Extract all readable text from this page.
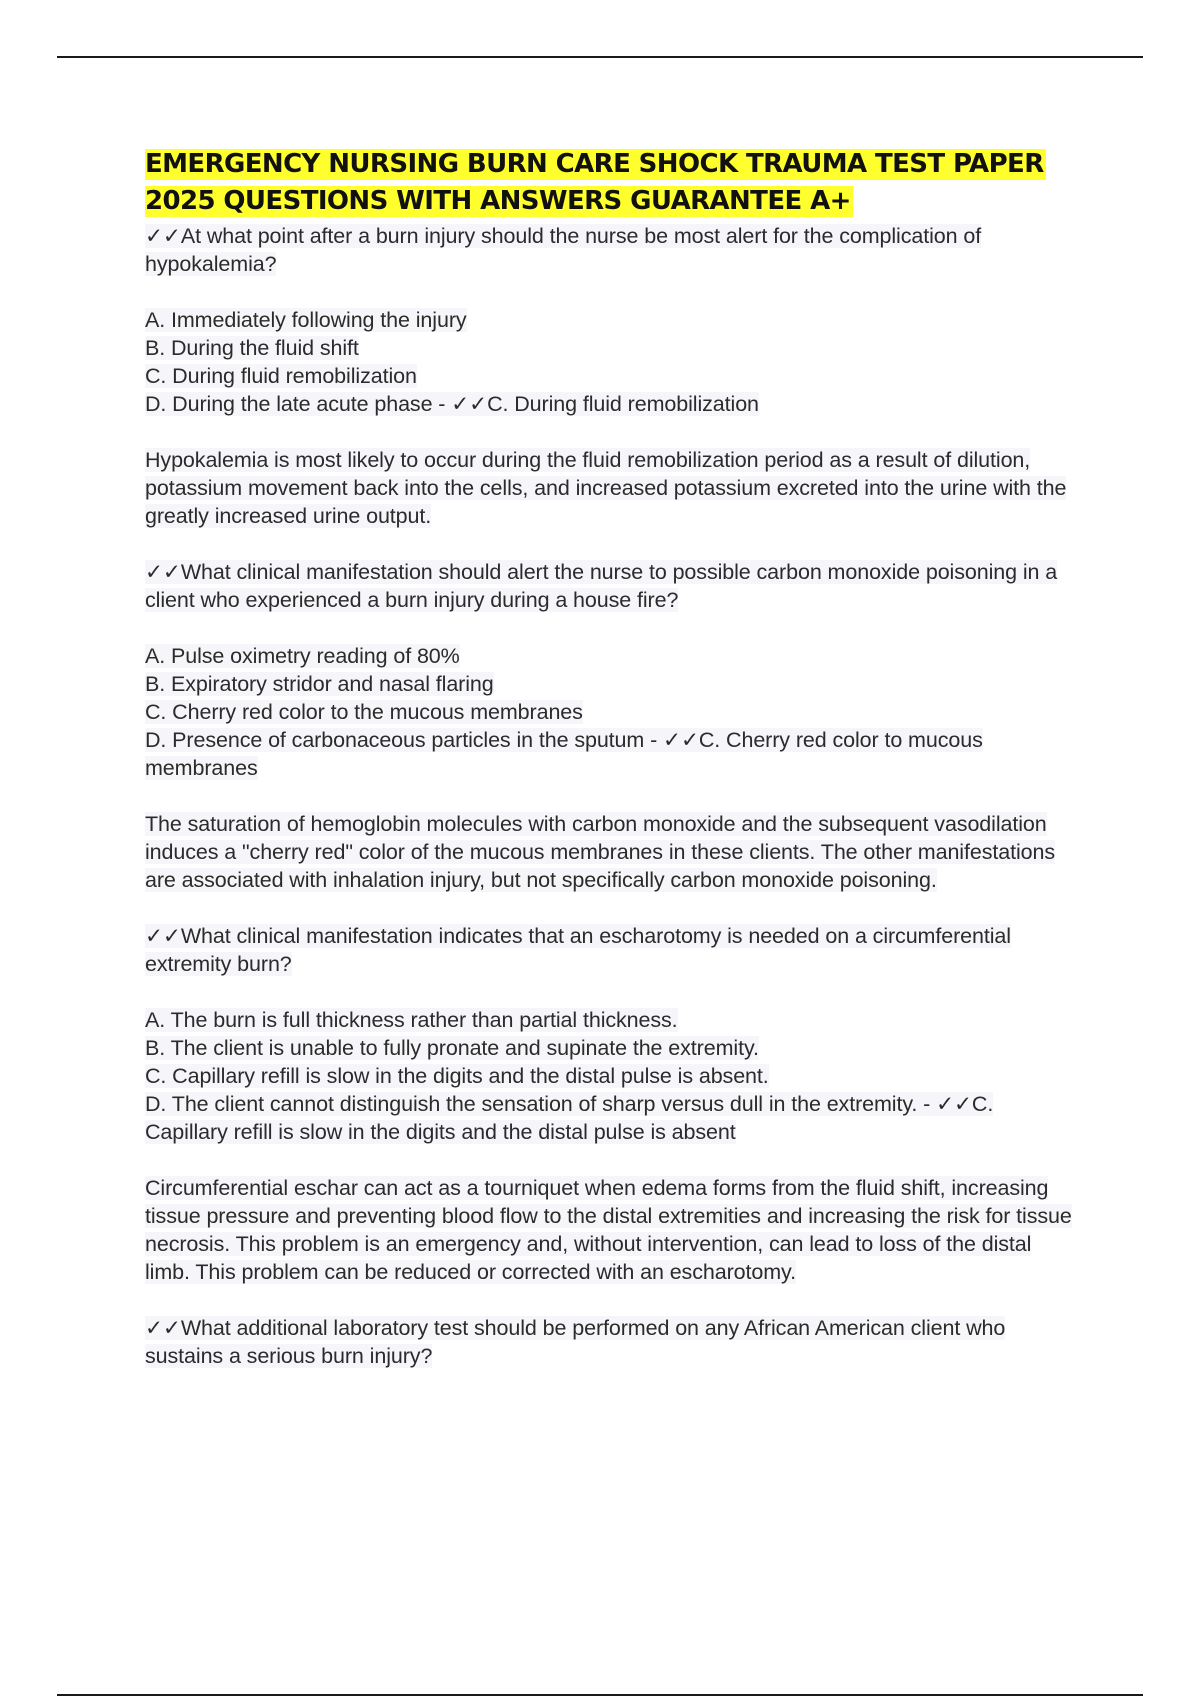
EMERGENCY NURSING BURN CARE SHOCK TRAUMA TEST PAPER 2025 QUESTIONS WITH ANSWERS GUARANTEE A+

✓✓At what point after a burn injury should the nurse be most alert for the complication of hypokalemia?

A. Immediately following the injury
B. During the fluid shift
C. During fluid remobilization
D. During the late acute phase - ✓✓C. During fluid remobilization

Hypokalemia is most likely to occur during the fluid remobilization period as a result of dilution, potassium movement back into the cells, and increased potassium excreted into the urine with the greatly increased urine output.

✓✓What clinical manifestation should alert the nurse to possible carbon monoxide poisoning in a client who experienced a burn injury during a house fire?

A. Pulse oximetry reading of 80%
B. Expiratory stridor and nasal flaring
C. Cherry red color to the mucous membranes
D. Presence of carbonaceous particles in the sputum - ✓✓C. Cherry red color to mucous membranes

The saturation of hemoglobin molecules with carbon monoxide and the subsequent vasodilation induces a "cherry red" color of the mucous membranes in these clients. The other manifestations are associated with inhalation injury, but not specifically carbon monoxide poisoning.

✓✓What clinical manifestation indicates that an escharotomy is needed on a circumferential extremity burn?

A. The burn is full thickness rather than partial thickness.
B. The client is unable to fully pronate and supinate the extremity.
C. Capillary refill is slow in the digits and the distal pulse is absent.
D. The client cannot distinguish the sensation of sharp versus dull in the extremity. - ✓✓C. Capillary refill is slow in the digits and the distal pulse is absent

Circumferential eschar can act as a tourniquet when edema forms from the fluid shift, increasing tissue pressure and preventing blood flow to the distal extremities and increasing the risk for tissue necrosis. This problem is an emergency and, without intervention, can lead to loss of the distal limb. This problem can be reduced or corrected with an escharotomy.

✓✓What additional laboratory test should be performed on any African American client who sustains a serious burn injury?
